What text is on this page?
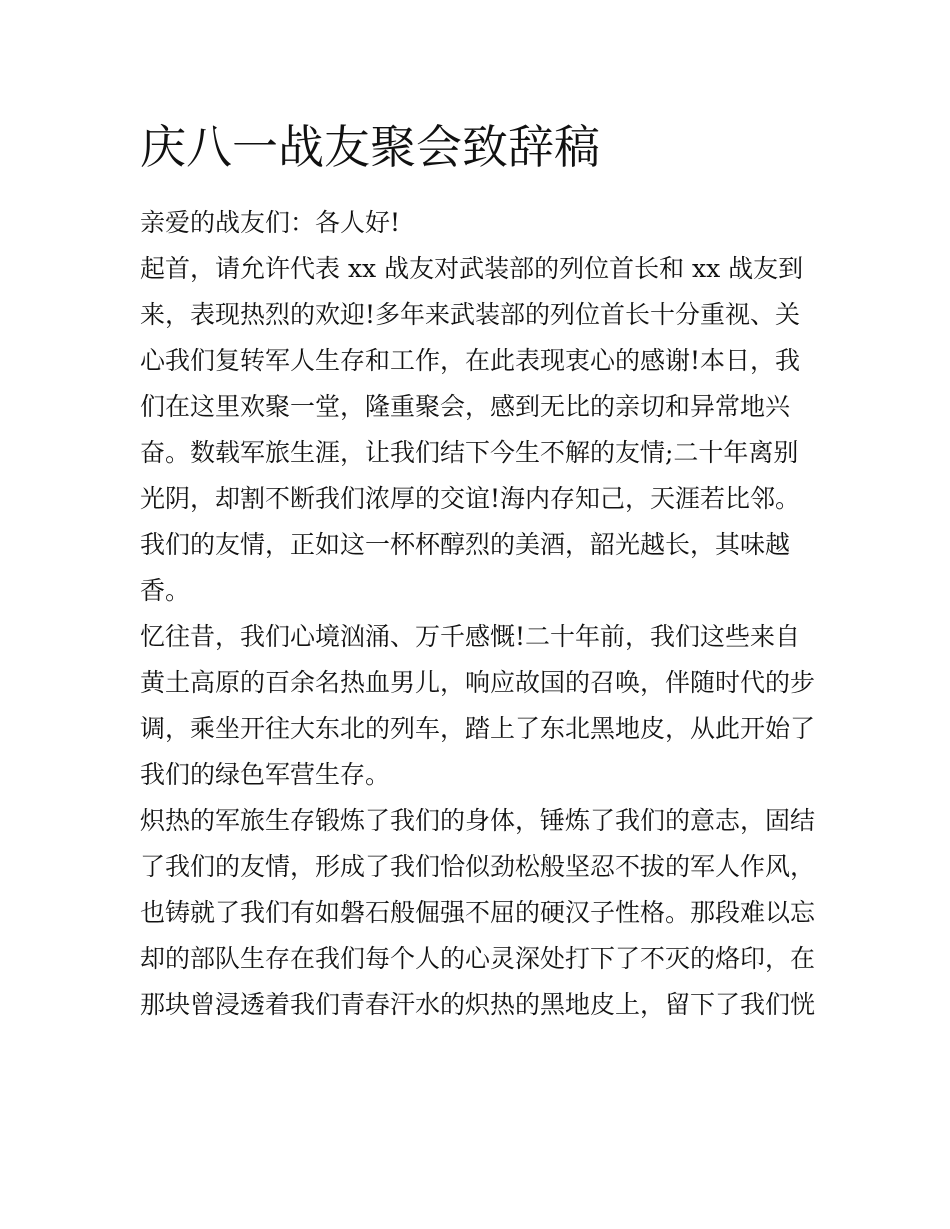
庆八一战友聚会致辞稿

亲爱的战友们：各人好!

起首，请允许代表 xx 战友对武装部的列位首长和 xx 战友到

来，表现热烈的欢迎!多年来武装部的列位首长十分重视、关

心我们复转军人生存和工作，在此表现衷心的感谢!本日，我

们在这里欢聚一堂，隆重聚会，感到无比的亲切和异常地兴

奋。数载军旅生涯，让我们结下今生不解的友情;二十年离别

光阴，却割不断我们浓厚的交谊!海内存知己，天涯若比邻。

我们的友情，正如这一杯杯醇烈的美酒，韶光越长，其味越

香。

忆往昔，我们心境汹涌、万千感慨!二十年前，我们这些来自

黄土高原的百余名热血男儿，响应故国的召唤，伴随时代的步

调，乘坐开往大东北的列车，踏上了东北黑地皮，从此开始了

我们的绿色军营生存。

炽热的军旅生存锻炼了我们的身体，锤炼了我们的意志，固结

了我们的友情，形成了我们恰似劲松般坚忍不拔的军人作风，

也铸就了我们有如磐石般倔强不屈的硬汉子性格。那段难以忘

却的部队生存在我们每个人的心灵深处打下了不灭的烙印，在

那块曾浸透着我们青春汗水的炽热的黑地皮上，留下了我们恍
